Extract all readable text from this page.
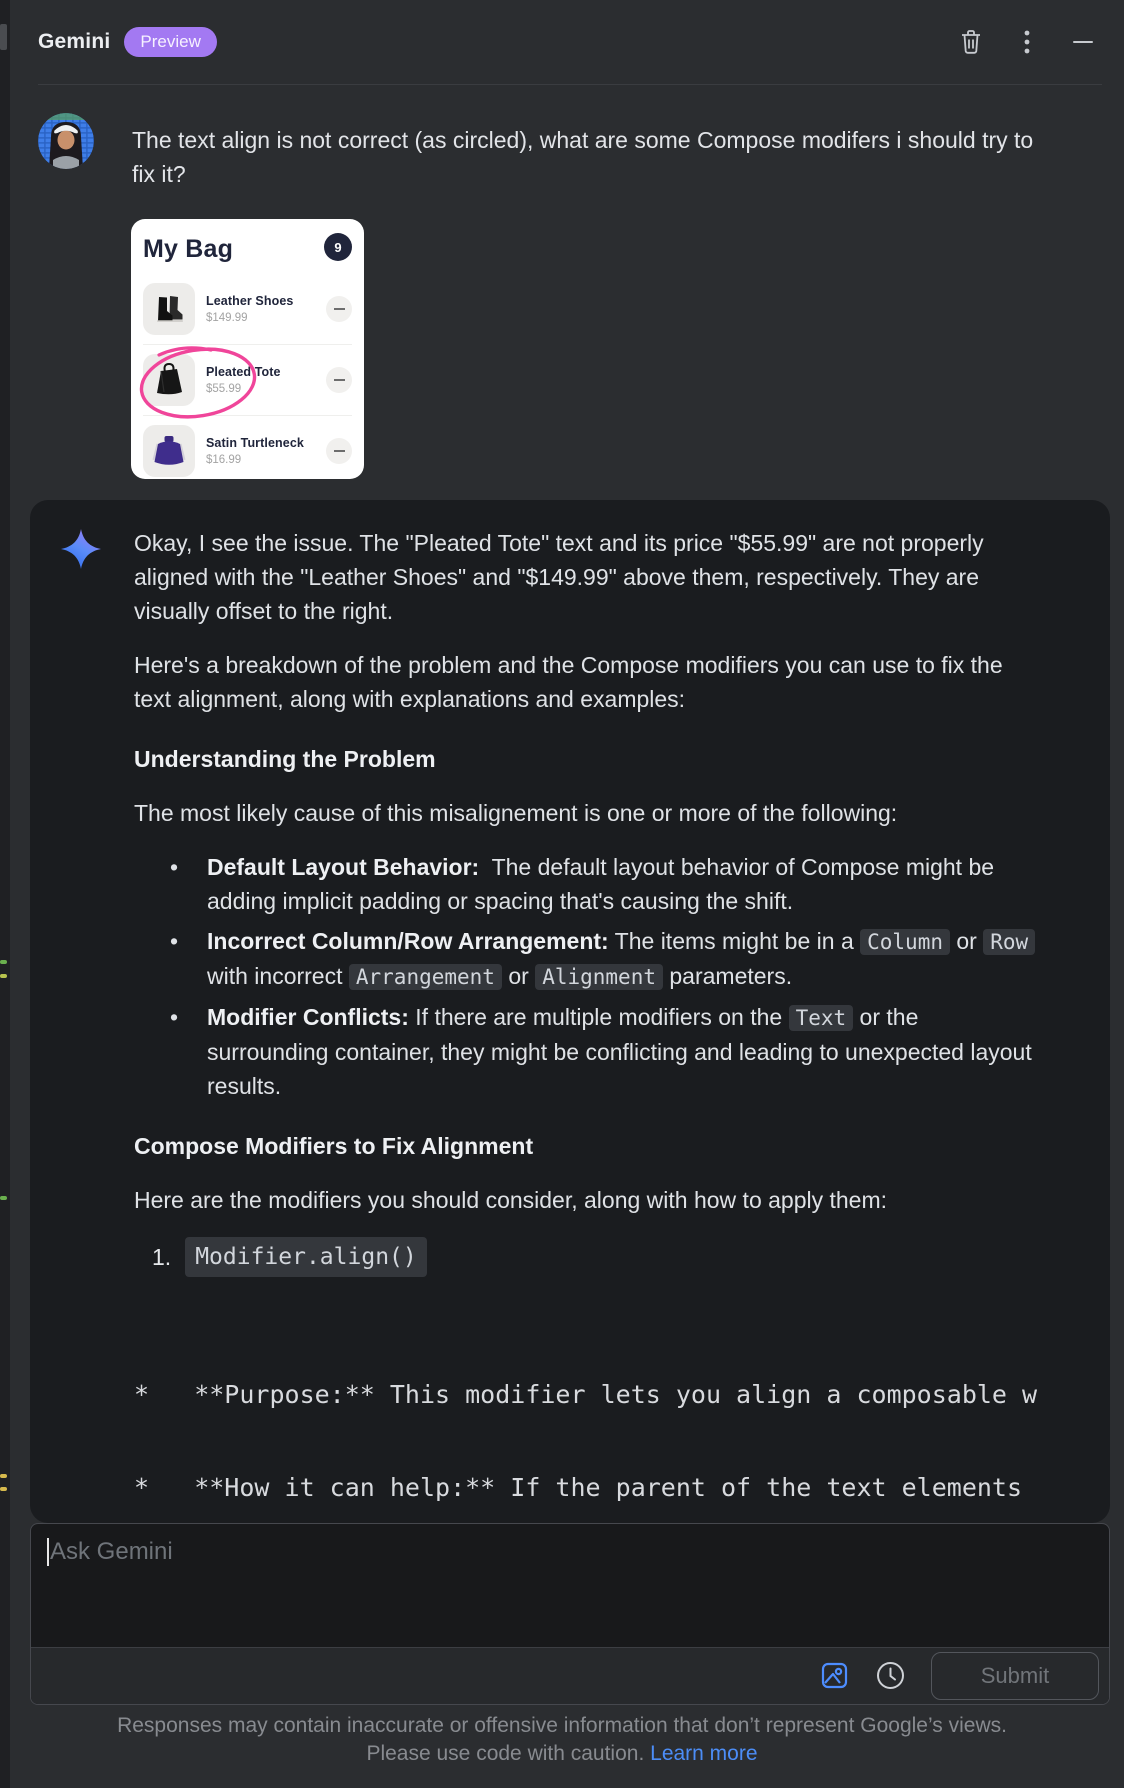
Gemini	Preview
The text align is not correct (as circled), what are some Compose modifers i should try to fix it?
My Bag	9
Leather Shoes
$149.99
Pleated Tote
$55.99
Satin Turtleneck
$16.99

Okay, I see the issue. The "Pleated Tote" text and its price "$55.99" are not properly aligned with the "Leather Shoes" and "$149.99" above them, respectively. They are visually offset to the right.

Here's a breakdown of the problem and the Compose modifiers you can use to fix the text alignment, along with explanations and examples:

Understanding the Problem

The most likely cause of this misalignement is one or more of the following:

• Default Layout Behavior:  The default layout behavior of Compose might be adding implicit padding or spacing that's causing the shift.
• Incorrect Column/Row Arrangement: The items might be in a Column or Row with incorrect Arrangement or Alignment parameters.
• Modifier Conflicts: If there are multiple modifiers on the Text or the surrounding container, they might be conflicting and leading to unexpected layout results.
Compose Modifiers to Fix Alignment

Here are the modifiers you should consider, along with how to apply them:

1.	Modifier.align()

*   **Purpose:** This modifier lets you align a composable w

*   **How it can help:** If the parent of the text elements

Ask Gemini
Submit
Responses may contain inaccurate or offensive information that don’t represent Google’s views.
Please use code with caution. Learn more
